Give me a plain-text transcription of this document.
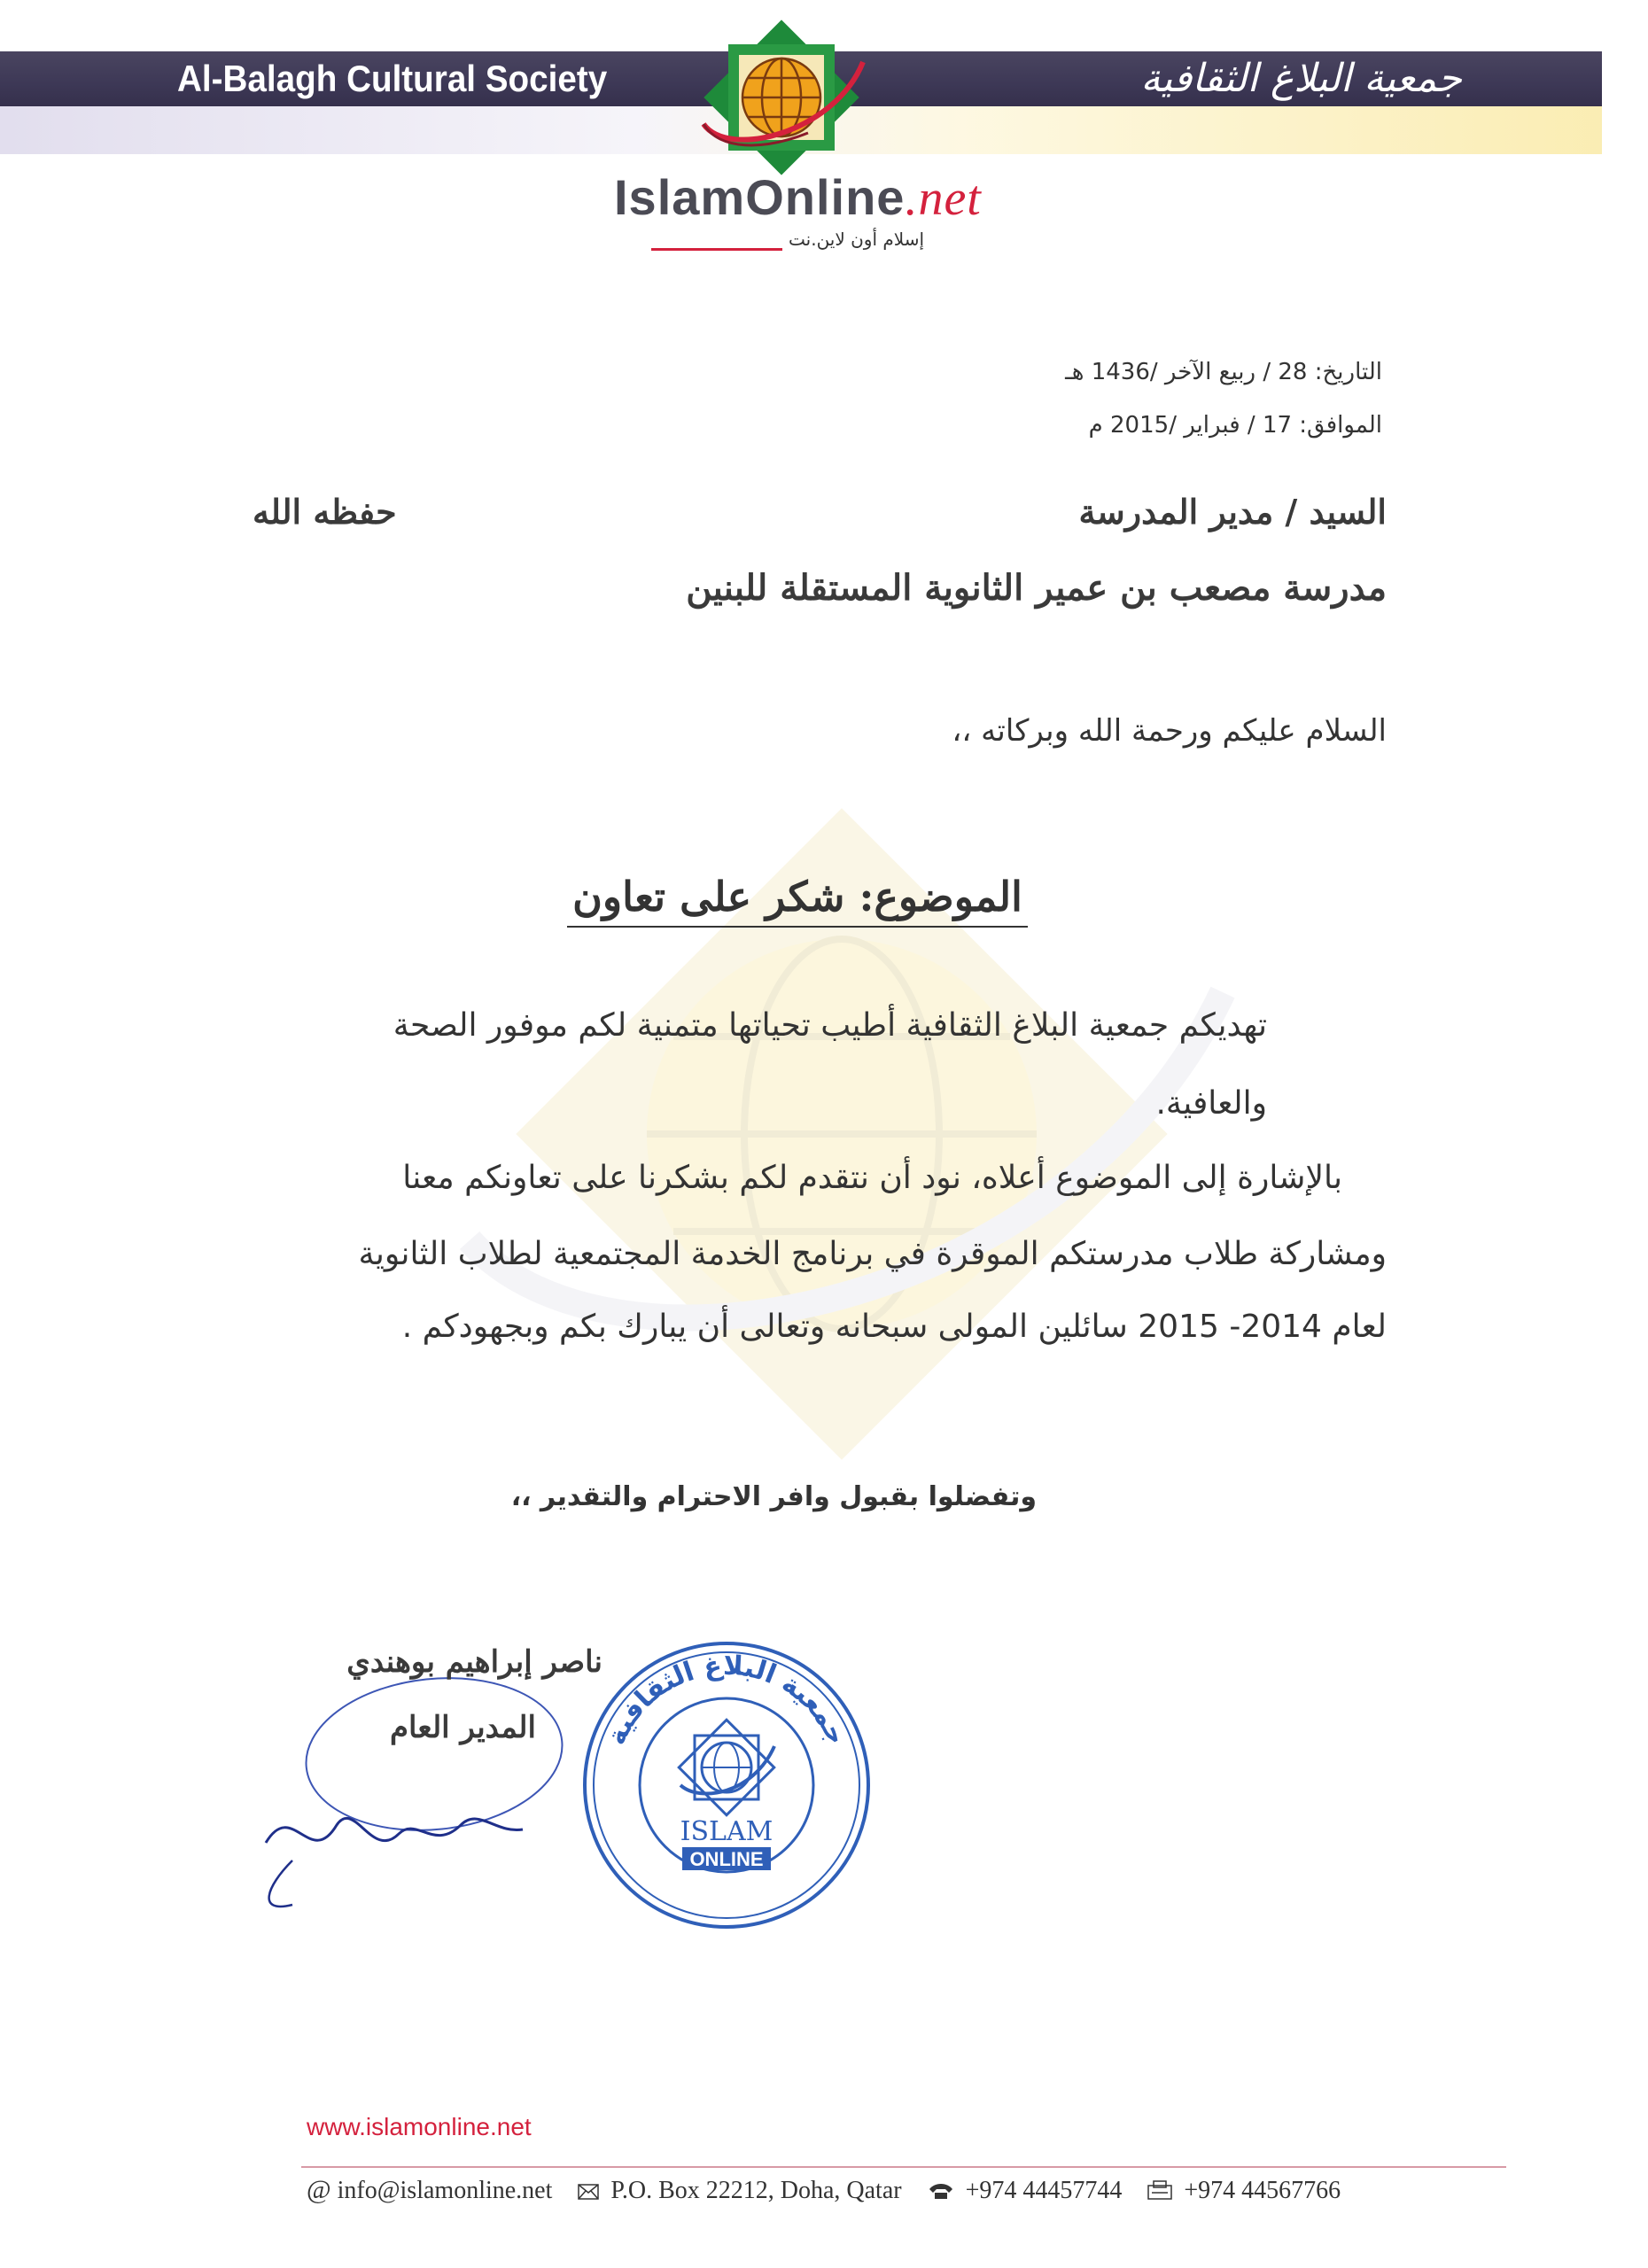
Al-Balagh Cultural Society	جمعية البلاغ الثقافية
IslamOnline.net
إسلام أون لاين.نت
التاريخ: 28 / ربيع الآخر /1436 هـ
الموافق: 17 / فبراير /2015 م
السيد / مدير المدرسة
حفظه الله
مدرسة مصعب بن عمير الثانوية المستقلة للبنين
السلام عليكم ورحمة الله وبركاته ،،
الموضوع: شكر على تعاون
تهديكم جمعية البلاغ الثقافية أطيب تحياتها متمنية لكم موفور الصحة
والعافية.
بالإشارة إلى الموضوع أعلاه، نود أن نتقدم لكم بشكرنا على تعاونكم معنا
ومشاركة طلاب مدرستكم الموقرة في برنامج الخدمة المجتمعية لطلاب الثانوية
لعام 2014- 2015 سائلين المولى سبحانه وتعالى أن يبارك بكم وبجهودكم .
وتفضلوا بقبول وافر الاحترام والتقدير ،،
ناصر إبراهيم بوهندي
المدير العام جمعية البلاغ الثقافية
ISLAM
ONLINE
www.islamonline.net
@ info@islamonline.net P.O. Box 22212, Doha, Qatar	+974 44457744	+974 44567766
